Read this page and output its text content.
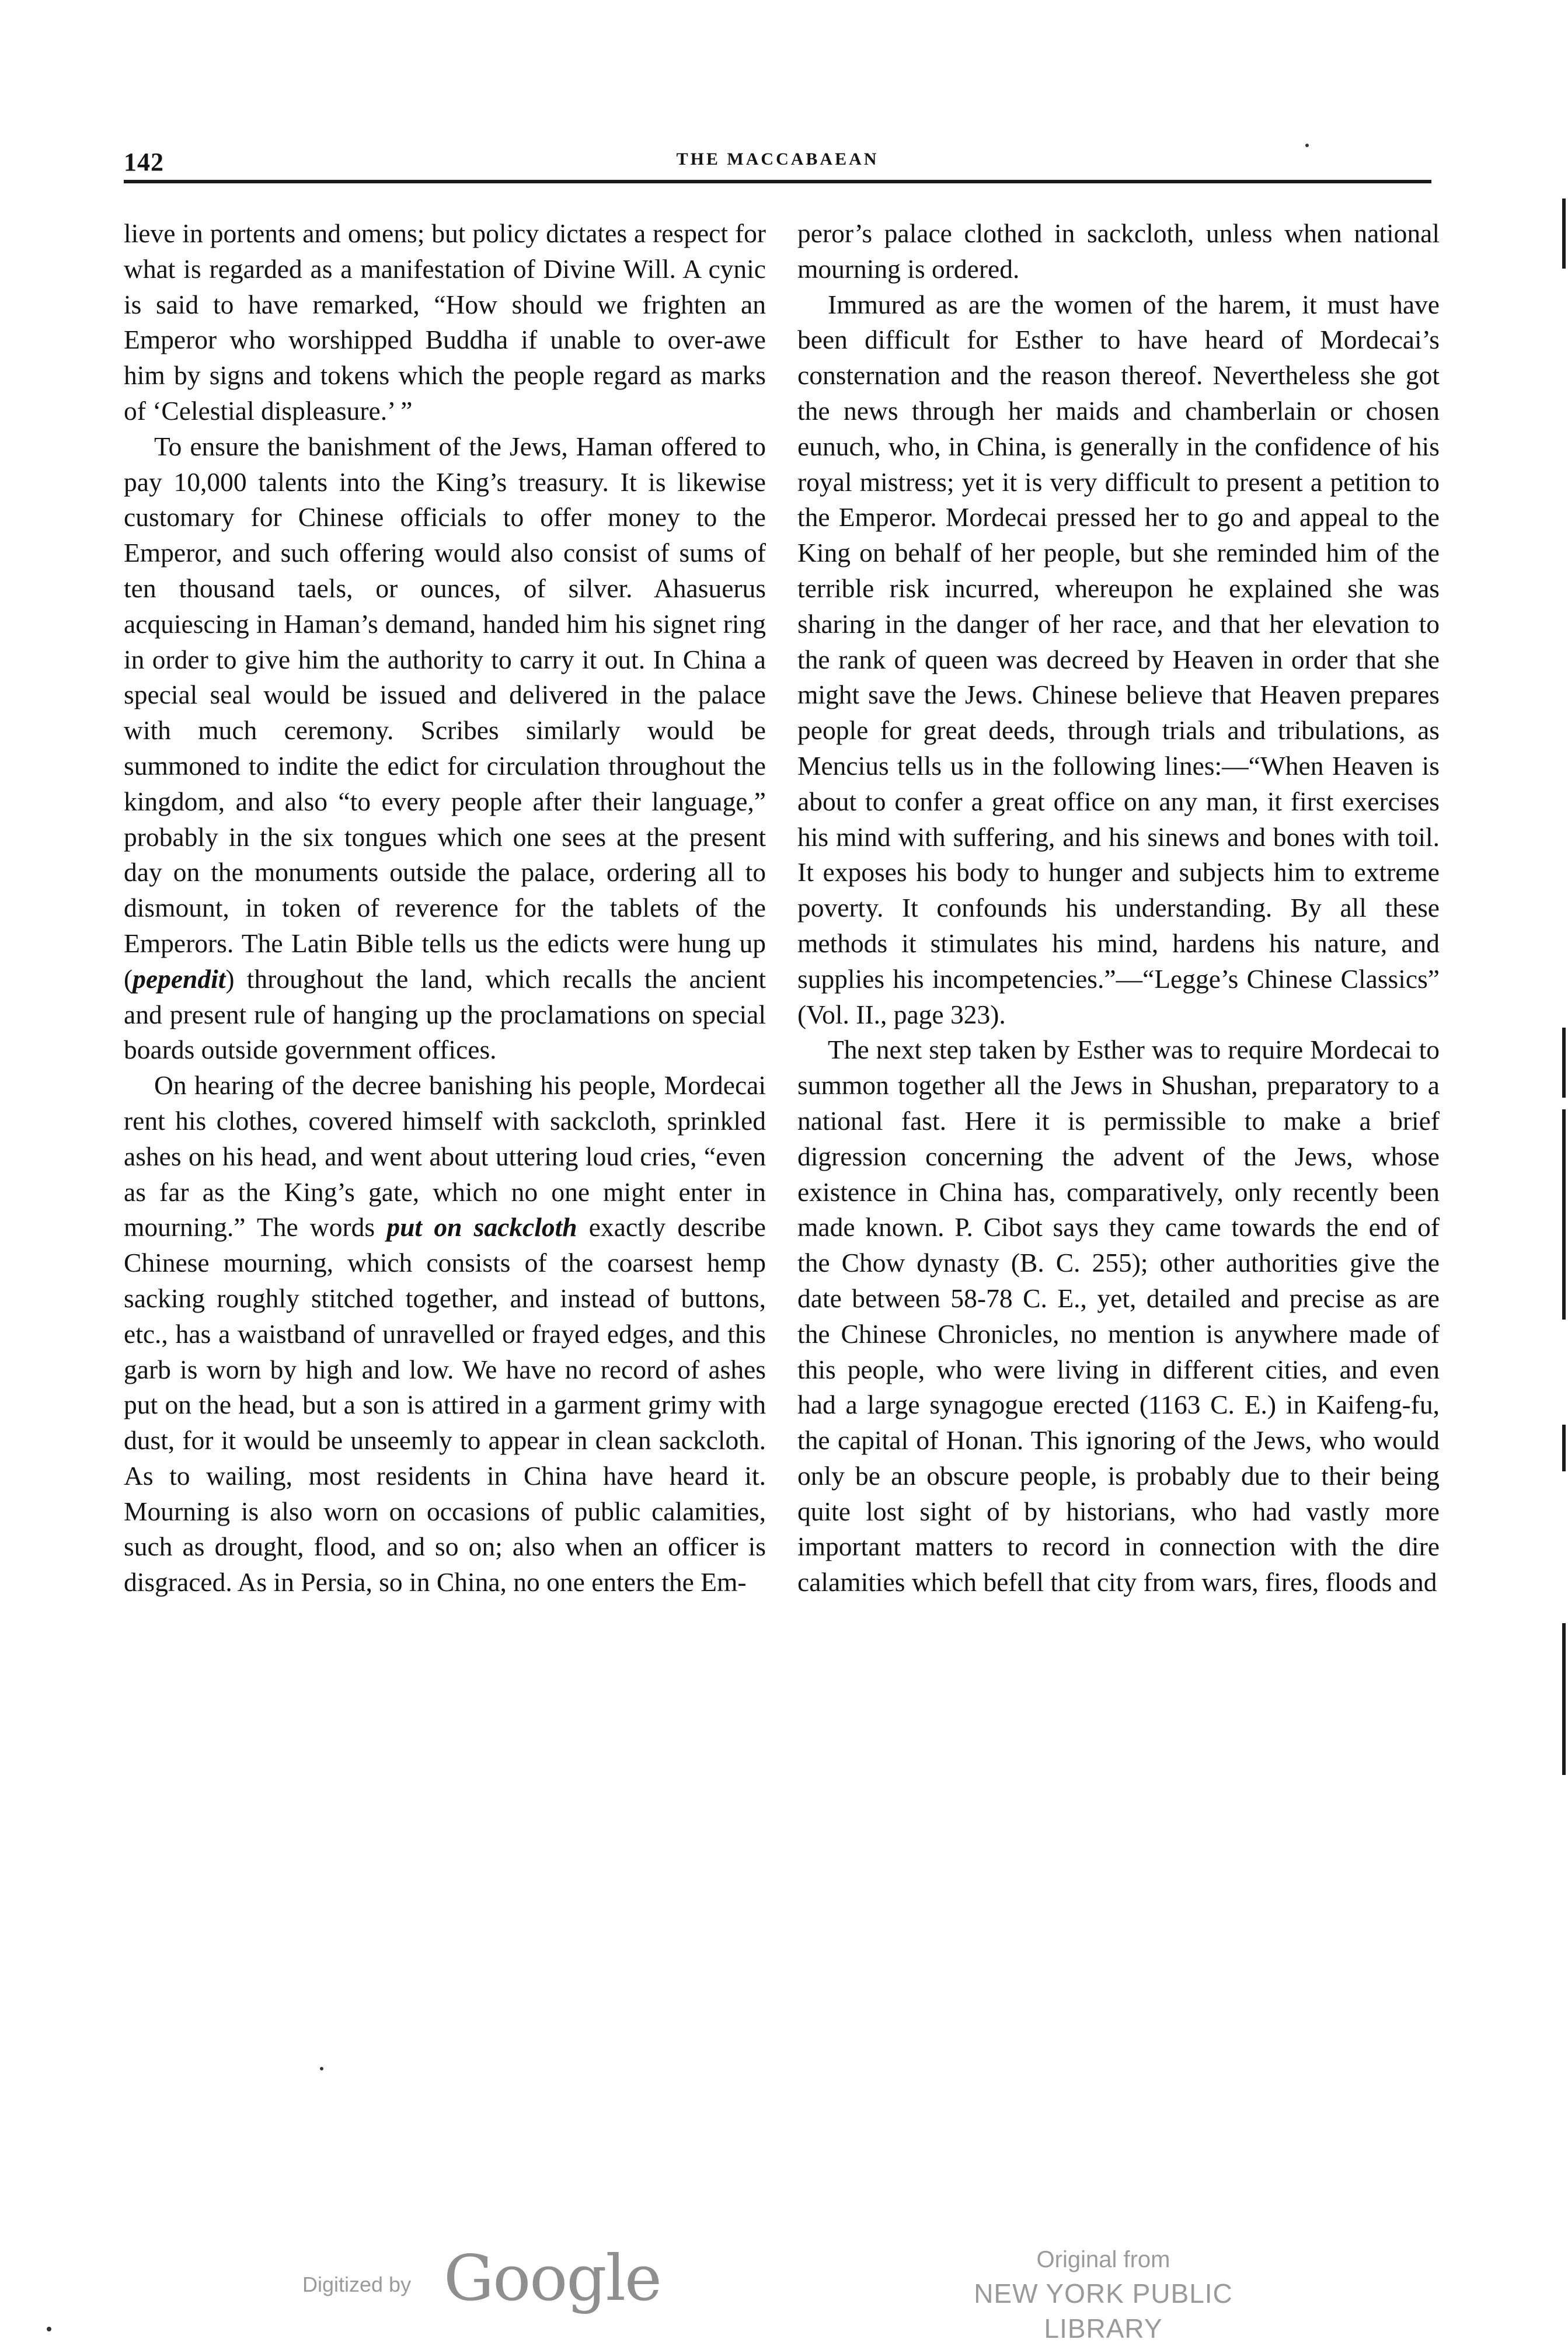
142	THE MACCABAEAN

lieve in portents and omens; but policy dictates a respect for what is regarded as a manifestation of Divine Will. A cynic is said to have remarked, “How should we frighten an Emperor who worshipped Buddha if unable to over-awe him by signs and tokens which the people regard as marks of ‘Celestial displeasure.’ ”

To ensure the banishment of the Jews, Haman offered to pay 10,000 talents into the King’s treasury. It is likewise customary for Chinese officials to offer money to the Emperor, and such offering would also consist of sums of ten thousand taels, or ounces, of silver. Ahasuerus acquiescing in Haman’s demand, handed him his signet ring in order to give him the authority to carry it out. In China a special seal would be issued and delivered in the palace with much ceremony. Scribes similarly would be summoned to indite the edict for circulation throughout the kingdom, and also “to every people after their language,” probably in the six tongues which one sees at the present day on the monuments outside the palace, ordering all to dismount, in token of reverence for the tablets of the Emperors. The Latin Bible tells us the edicts were hung up (pependit) throughout the land, which recalls the ancient and present rule of hanging up the proclamations on special boards outside government offices.

On hearing of the decree banishing his people, Mordecai rent his clothes, covered himself with sackcloth, sprinkled ashes on his head, and went about uttering loud cries, “even as far as the King’s gate, which no one might enter in mourning.” The words put on sackcloth exactly describe Chinese mourning, which consists of the coarsest hemp sacking roughly stitched together, and instead of buttons, etc., has a waistband of unravelled or frayed edges, and this garb is worn by high and low. We have no record of ashes put on the head, but a son is attired in a garment grimy with dust, for it would be unseemly to appear in clean sackcloth. As to wailing, most residents in China have heard it. Mourning is also worn on occasions of public calamities, such as drought, flood, and so on; also when an officer is disgraced. As in Persia, so in China, no one enters the Em-

peror’s palace clothed in sackcloth, unless when national mourning is ordered.

Immured as are the women of the harem, it must have been difficult for Esther to have heard of Mordecai’s consternation and the reason thereof. Nevertheless she got the news through her maids and chamberlain or chosen eunuch, who, in China, is generally in the confidence of his royal mistress; yet it is very difficult to present a petition to the Emperor. Mordecai pressed her to go and appeal to the King on behalf of her people, but she reminded him of the terrible risk incurred, whereupon he explained she was sharing in the danger of her race, and that her elevation to the rank of queen was decreed by Heaven in order that she might save the Jews. Chinese believe that Heaven prepares people for great deeds, through trials and tribulations, as Mencius tells us in the following lines:—“When Heaven is about to confer a great office on any man, it first exercises his mind with suffering, and his sinews and bones with toil. It exposes his body to hunger and subjects him to extreme poverty. It confounds his understanding. By all these methods it stimulates his mind, hardens his nature, and supplies his incompetencies.”—“Legge’s Chinese Classics” (Vol. II., page 323).

The next step taken by Esther was to require Mordecai to summon together all the Jews in Shushan, preparatory to a national fast. Here it is permissible to make a brief digression concerning the advent of the Jews, whose existence in China has, comparatively, only recently been made known. P. Cibot says they came towards the end of the Chow dynasty (B. C. 255); other authorities give the date between 58-78 C. E., yet, detailed and precise as are the Chinese Chronicles, no mention is anywhere made of this people, who were living in different cities, and even had a large synagogue erected (1163 C. E.) in Kaifeng-fu, the capital of Honan. This ignoring of the Jews, who would only be an obscure people, is probably due to their being quite lost sight of by historians, who had vastly more important matters to record in connection with the dire calamities which befell that city from wars, fires, floods and

Digitized by Google	Original from
NEW YORK PUBLIC LIBRARY
